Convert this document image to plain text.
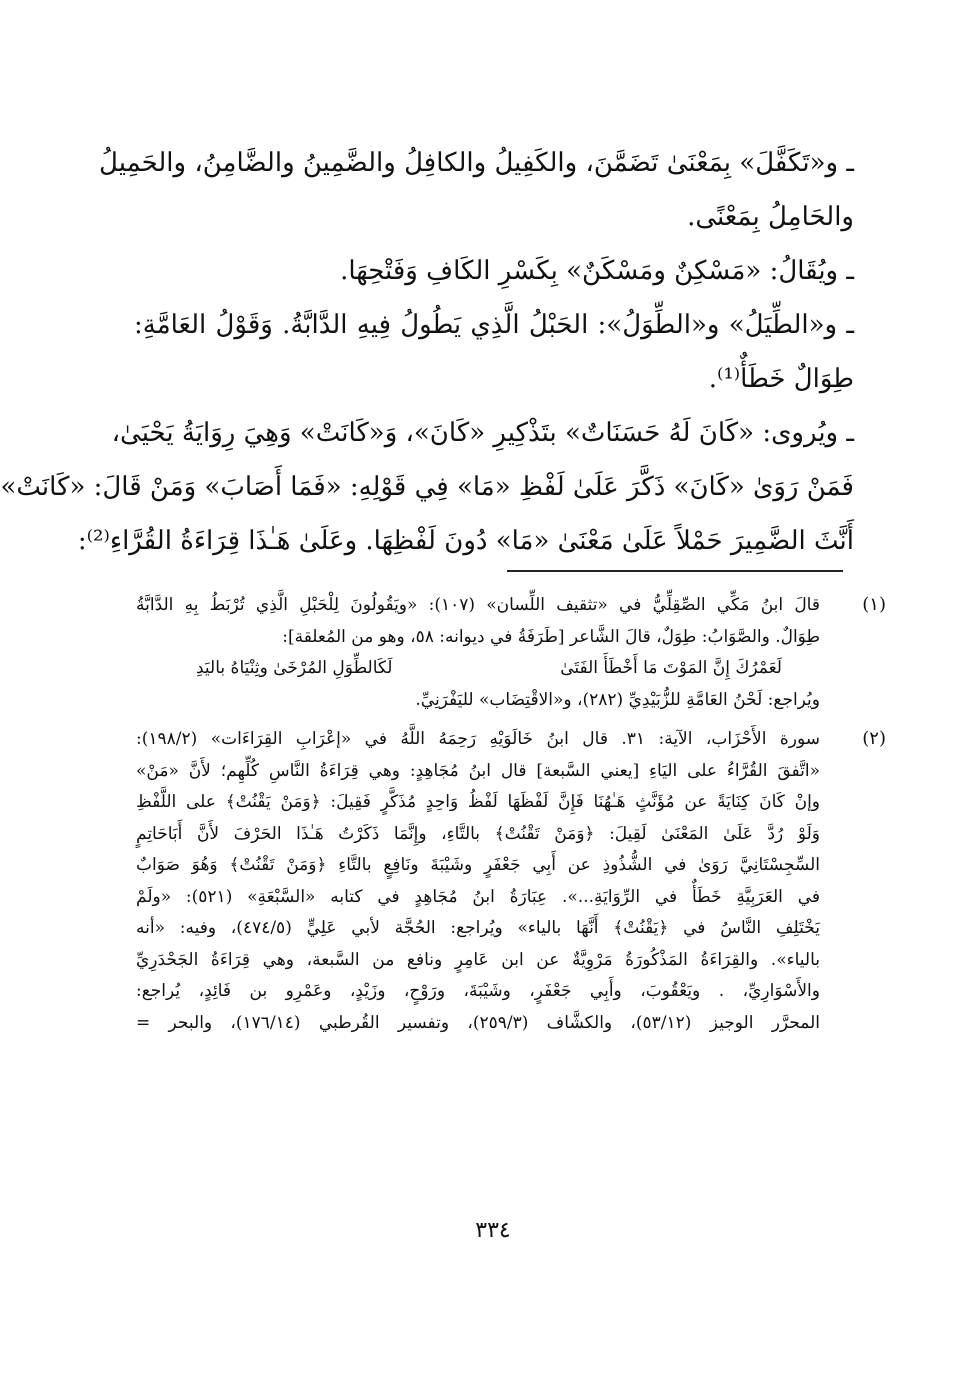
ـ و«تَكَفَّلَ» بِمَعْنَىٰ تَضَمَّنَ، والكَفِيلُ والكافِلُ والضَّمِينُ والضَّامِنُ، والحَمِيلُ
والحَامِلُ بِمَعْنًى.
ـ ويُقَالُ: «مَسْكِنٌ ومَسْكَنٌ» بِكَسْرِ الكَافِ وَفَتْحِهَا.
ـ و«الطِّيَلُ» و«الطِّوَلُ»: الحَبْلُ الَّذِي يَطُولُ فِيهِ الدَّابَّةُ. وَقَوْلُ العَامَّةِ:
طِوَالٌ خَطَأٌ⁽¹⁾.
ـ ويُروى: «كَانَ لَهُ حَسَنَاتٌ» بتَذْكِيرِ «كَانَ»، وَ«كَانَتْ» وَهِيَ رِوَايَةُ يَحْيَىٰ،
فَمَنْ رَوَىٰ «كَانَ» ذَكَّرَ عَلَىٰ لَفْظِ «مَا» فِي قَوْلِهِ: «فَمَا أَصَابَ» وَمَنْ قَالَ: «كَانَتْ»
أَنَّثَ الضَّمِيرَ حَمْلاً عَلَىٰ مَعْنَىٰ «مَا» دُونَ لَفْظِهَا. وعَلَىٰ هَـٰذَا قِرَاءَةُ القُرَّاءِ⁽²⁾:
(١)
قالَ ابنُ مَكِّي الصِّقِلِّيُّ في «تثقيف اللِّسان» (١٠٧): «ويَقُولُونَ لِلْحَبْلِ الَّذِي تُرْبَطُ بِهِ الدَّابَّةُ
طِوَالٌ. والصَّوَابُ: طِوَلٌ، قالَ الشَّاعر [طَرَفَةُ في ديوانه: ٥٨، وهو من المُعلقة]:
لَعَمْرُكَ إِنَّ المَوْتَ مَا أَخْطَأَ الفَتَىٰ
لَكَالطِّوَلِ المُرْخَىٰ وثِنْيَاهُ باليَدِ
ويُراجع: لَحْنُ العَامَّةِ للزُّبَيْدِيِّ (٢٨٢)، و«الاقْتِضَاب» لليَفْرَنِيِّ.
(٢)
سورة الأَحْزَاب، الآية: ٣١. قال ابنُ خَالَوَيْهِ رَحِمَهُ اللَّهُ في «إعْرَابِ القِرَاءَات» (١٩٨/٢):
«اتَّفقَ القُرَّاءُ على اليَاءِ [يعني السَّبعة] قال ابنُ مُجَاهِدٍ: وهي قِرَاءَةُ النَّاسِ كُلِّهِم؛ لأَنَّ «مَنْ»
وإنْ كَانَ كِنَايَةً عن مُؤَنَّثٍ هَـٰهُنَا فَإِنَّ لَفْظَهَا لَفْظُ وَاحِدٍ مُذَكَّرٍ فَقِيلَ: ﴿وَمَنْ يَقْنُتْ﴾ على اللَّفْظِ
وَلَوْ رُدَّ عَلَىٰ المَعْنَىٰ لَقِيلَ: ﴿وَمَنْ تَقْنُتْ﴾ بالتَّاءِ، وإِنَّمَا ذَكَرْتُ هَـٰذَا الحَرْفَ لأَنَّ أَبَاحَاتِمٍ
السِّجِسْتَانِيَّ رَوَىٰ في الشُّذُوذِ عن أَبِي جَعْفَرٍ وشَيْبَةَ ونَافِعٍ بالتَّاءِ ﴿وَمَنْ تَقْنُتْ﴾ وَهُوَ صَوَابٌ
في العَرَبِيَّةِ خَطَأٌ في الرِّوَايَةِ...». عِبَارَةُ ابنُ مُجَاهِدٍ في كتابه «السَّبْعَةِ» (٥٢١): «ولَمْ
يَخْتَلِفِ النَّاسُ في ﴿يَقْنُتْ﴾ أَنَّهَا بالياء» ويُراجع: الحُجَّة لأبي عَلِيٍّ (٤٧٤/٥)، وفيه: «أنه
بالياء». والقِرَاءَةُ المَذْكُورَةُ مَرْوِيَّةٌ عن ابن عَامِرٍ ونافع من السَّبعة، وهي قِرَاءَةُ الجَحْدَرِيِّ
والأَسْوَارِيِّ، . ويَعْقُوبَ، وأَبِي جَعْفَرٍ، وشَيْبَةَ، ورَوْحٍ، وزَيْدٍ، وعَمْرِو بن فَائِدٍ، يُراجع:
المحرَّر الوجيز (٥٣/١٢)، والكشَّاف (٢٥٩/٣)، وتفسير القُرطبي (١٧٦/١٤)، والبحر =
٣٣٤
